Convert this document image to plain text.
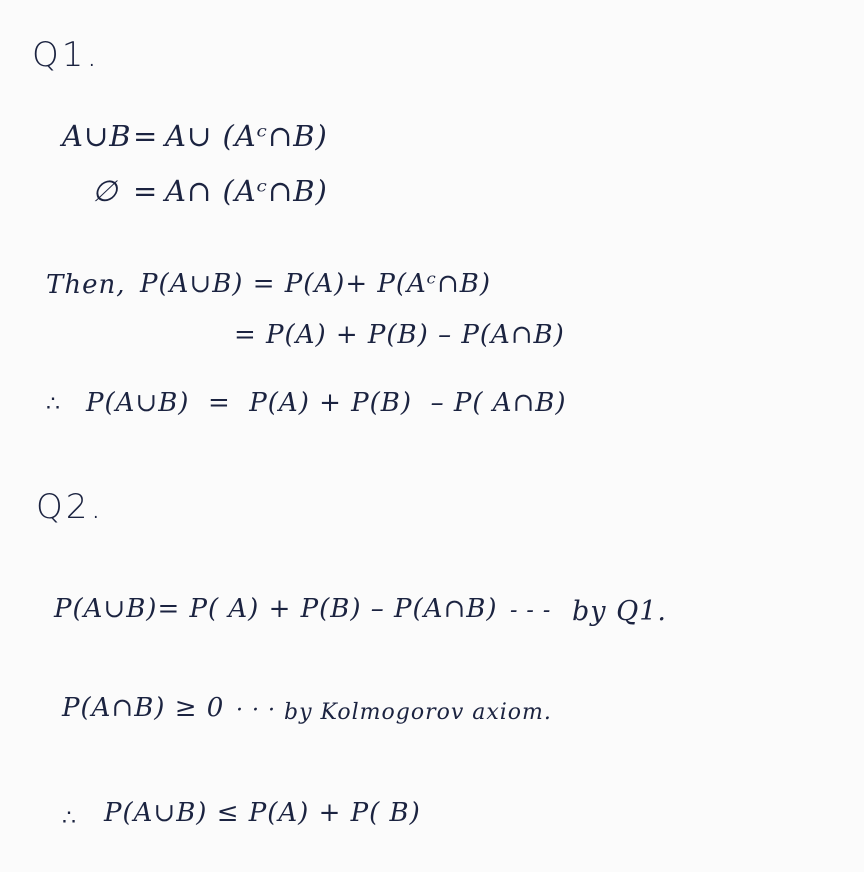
Q1.
A∪B = A∪ (Aᶜ∩B)
∅ = A∩ (Aᶜ∩B)
Then, P(A∪B) = P(A)+ P(Aᶜ∩B)
= P(A) + P(B) – P(A∩B)
∴ P(A∪B)  =  P(A) + P(B)  – P( A∩B)
Q2.
P(A∪B)= P( A) + P(B) – P(A∩B) - - - by Q1.
P(A∩B) ≥ 0 · · · by Kolmogorov axiom.
∴ P(A∪B) ≤ P(A) + P( B)
